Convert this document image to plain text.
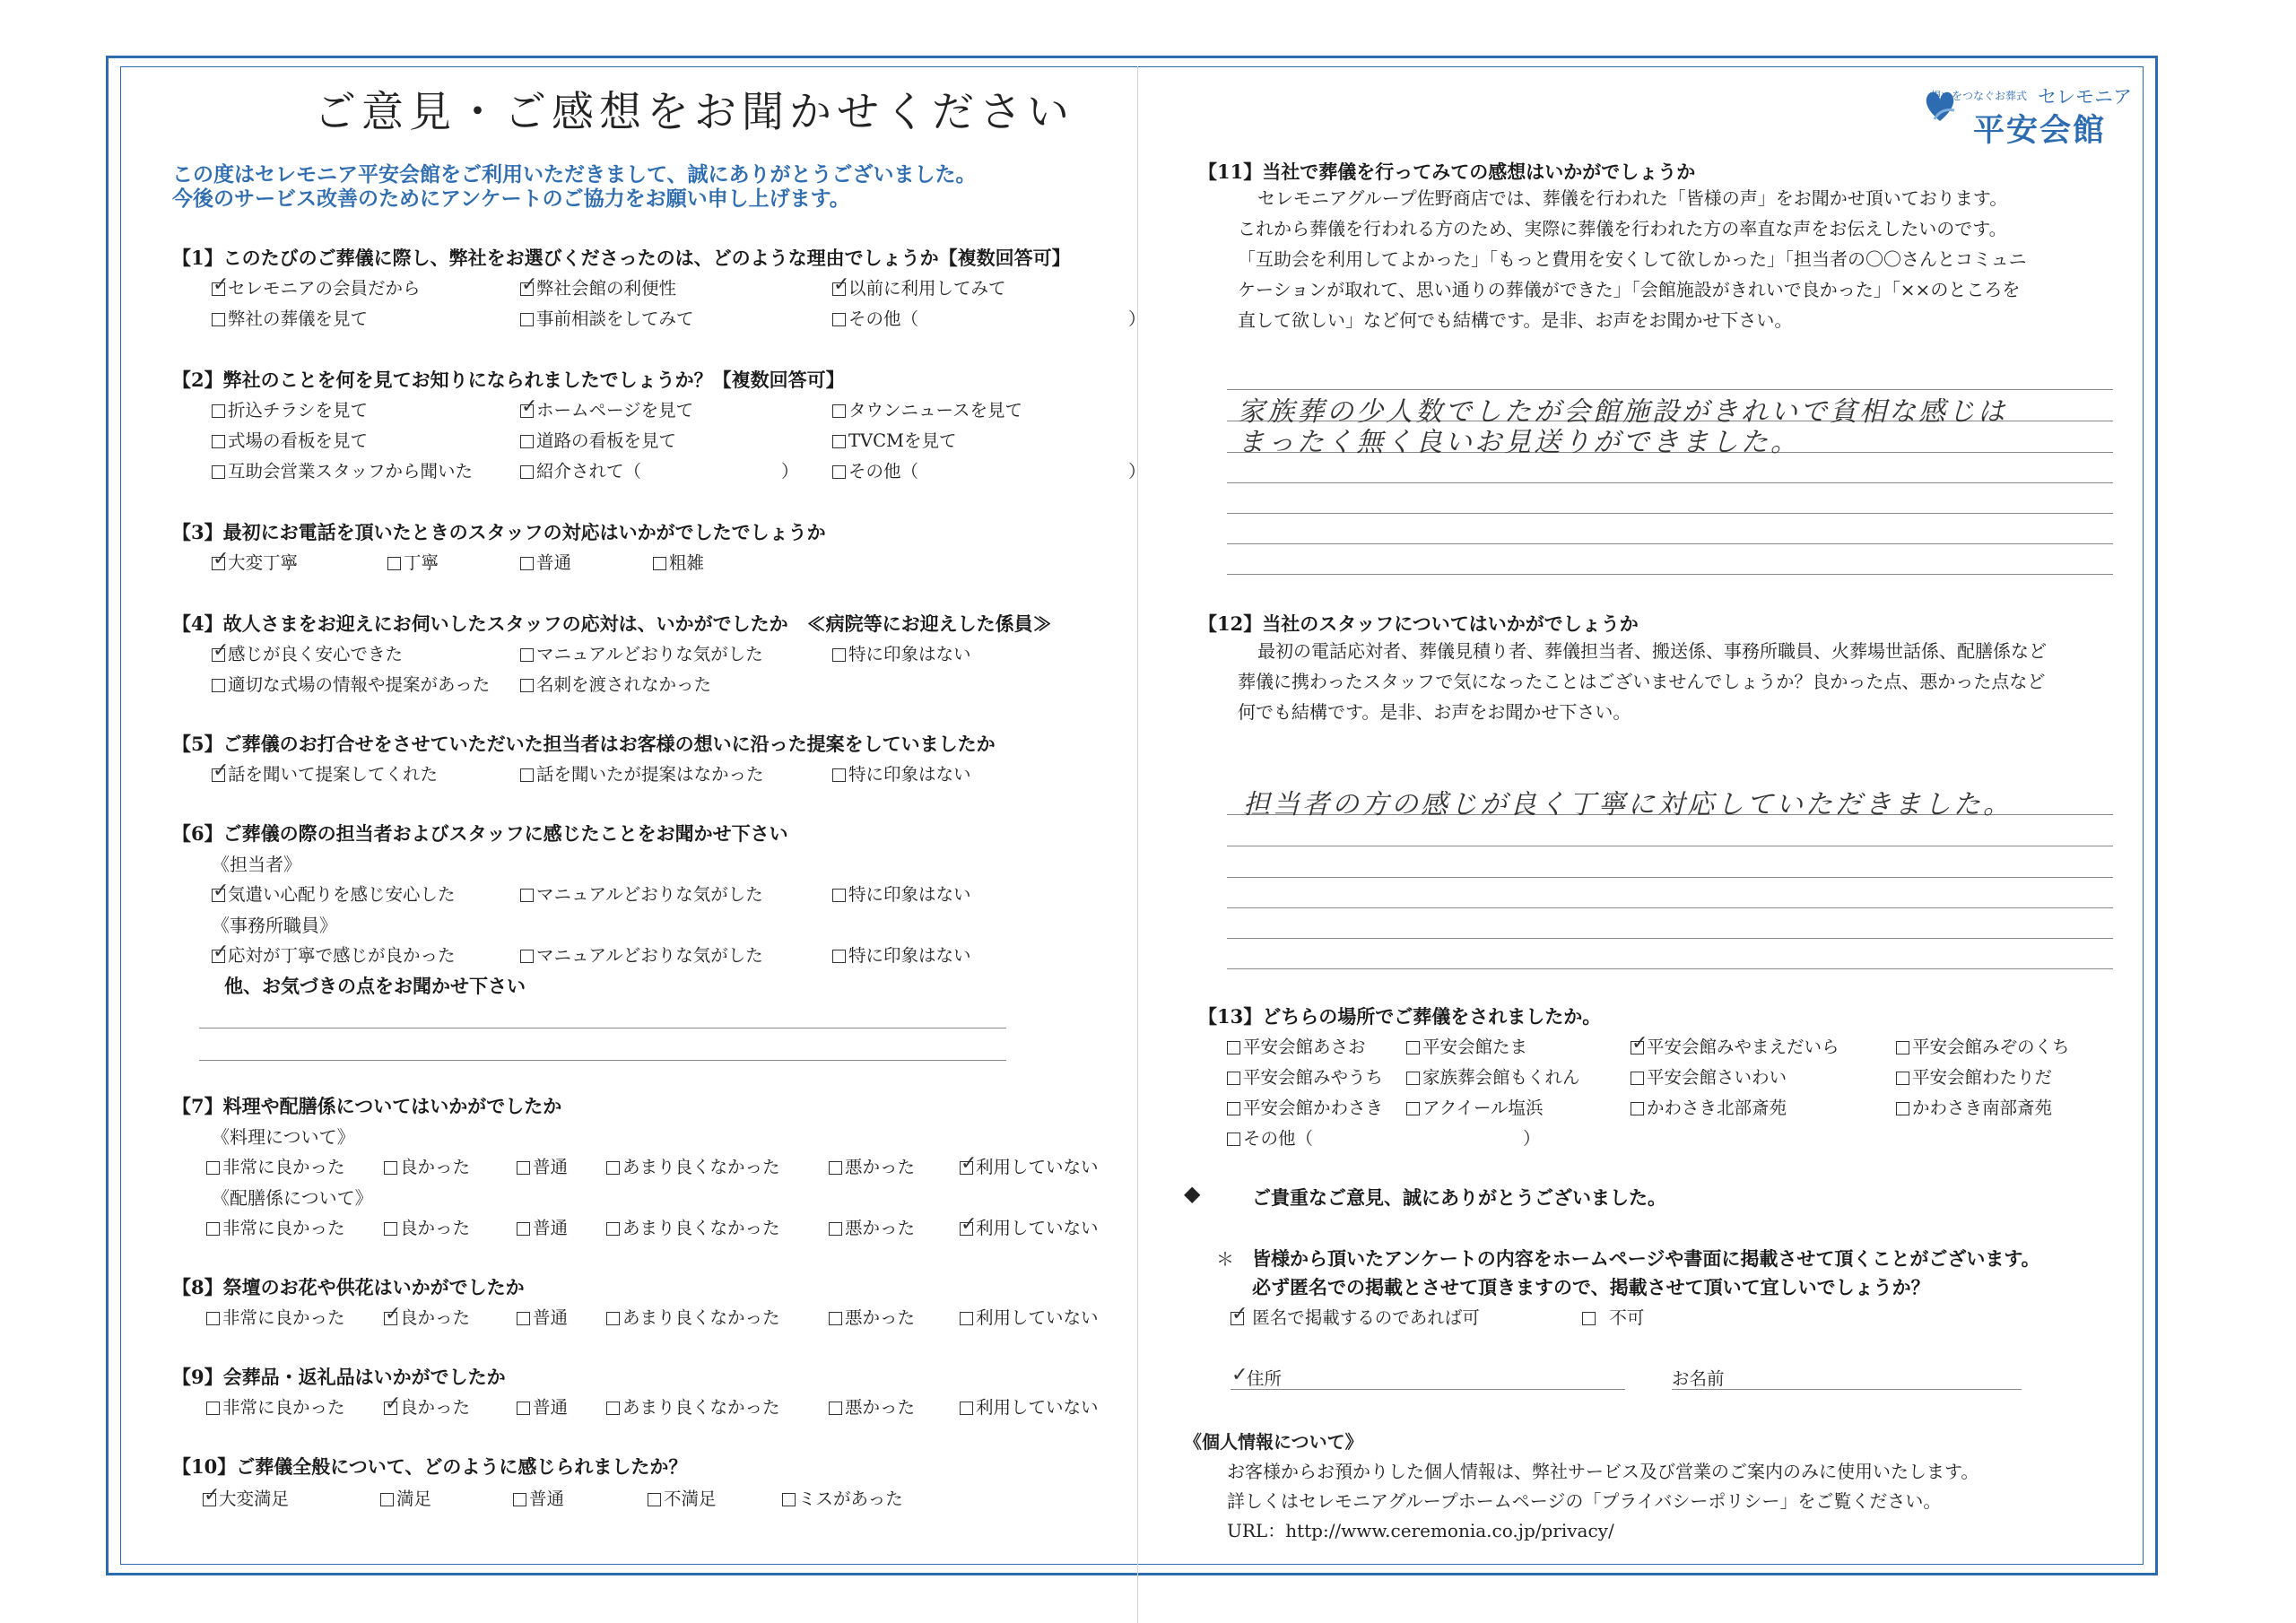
ご意見・ご感想をお聞かせください
この度はセレモニア平安会館をご利用いただきまして、誠にありがとうございました。
今後のサービス改善のためにアンケートのご協力をお願い申し上げます。
【1】このたびのご葬儀に際し、弊社をお選びくださったのは、どのような理由でしょうか【複数回答可】
✓セレモニアの会員だから ✓	弊社会館の利便性 ✓	以前に利用してみて
弊社の葬儀を見て	事前相談をしてみて	その他（　　　　　　　　　　　　）
【2】弊社のことを何を見てお知りになられましたでしょうか？【複数回答可】
折込チラシを見て ✓	ホームページを見て	タウンニュースを見て
式場の看板を見て	道路の看板を見て	TVCMを見て
互助会営業スタッフから聞いた	紹介されて（　　　　　　　　）	その他（　　　　　　　　　　　　）
【3】最初にお電話を頂いたときのスタッフの対応はいかがでしたでしょうか
✓大変丁寧	丁寧	普通	粗雑
【4】故人さまをお迎えにお伺いしたスタッフの応対は、いかがでしたか　≪病院等にお迎えした係員≫
✓感じが良く安心できた	マニュアルどおりな気がした	特に印象はない
適切な式場の情報や提案があった	名刺を渡されなかった
【5】ご葬儀のお打合せをさせていただいた担当者はお客様の想いに沿った提案をしていましたか
✓話を聞いて提案してくれた	話を聞いたが提案はなかった	特に印象はない
【6】ご葬儀の際の担当者およびスタッフに感じたことをお聞かせ下さい
《担当者》
✓気遣い心配りを感じ安心した	マニュアルどおりな気がした	特に印象はない
《事務所職員》
✓応対が丁寧で感じが良かった	マニュアルどおりな気がした	特に印象はない
他、お気づきの点をお聞かせ下さい
【7】料理や配膳係についてはいかがでしたか
《料理について》
非常に良かった	良かった	普通	あまり良くなかった	悪かった ✓	利用していない
《配膳係について》
非常に良かった	良かった	普通	あまり良くなかった	悪かった ✓	利用していない
【8】祭壇のお花や供花はいかがでしたか
非常に良かった ✓	良かった	普通	あまり良くなかった	悪かった	利用していない
【9】会葬品・返礼品はいかがでしたか
非常に良かった ✓	良かった	普通	あまり良くなかった	悪かった	利用していない
【10】ご葬儀全般について、どのように感じられましたか？
✓大変満足	満足	普通	不満足	ミスがあった
想いをつなぐお葬式 セレモニア
平安会館
【11】当社で葬儀を行ってみての感想はいかがでしょうか
セレモニアグループ佐野商店では、葬儀を行われた「皆様の声」をお聞かせ頂いております。
これから葬儀を行われる方のため、実際に葬儀を行われた方の率直な声をお伝えしたいのです。
「互助会を利用してよかった」「もっと費用を安くして欲しかった」「担当者の〇〇さんとコミュニ
ケーションが取れて、思い通りの葬儀ができた」「会館施設がきれいで良かった」「××のところを
直して欲しい」など何でも結構です。是非、お声をお聞かせ下さい。
家族葬の少人数でしたが会館施設がきれいで貧相な感じは
まったく無く良いお見送りができました。
【12】当社のスタッフについてはいかがでしょうか
最初の電話応対者、葬儀見積り者、葬儀担当者、搬送係、事務所職員、火葬場世話係、配膳係など
葬儀に携わったスタッフで気になったことはございませんでしょうか？良かった点、悪かった点など
何でも結構です。是非、お声をお聞かせ下さい。
担当者の方の感じが良く丁寧に対応していただきました。
【13】どちらの場所でご葬儀をされましたか。
平安会館あさお	平安会館たま ✓	平安会館みやまえだいら	平安会館みぞのくち
平安会館みやうち	家族葬会館もくれん	平安会館さいわい	平安会館わたりだ
平安会館かわさき	アクイール塩浜	かわさき北部斎苑	かわさき南部斎苑
その他（　　　　　　　　　　　　）
◆	ご貴重なご意見、誠にありがとうございました。
＊ 皆様から頂いたアンケートの内容をホームページや書面に掲載させて頂くことがございます。
必ず匿名での掲載とさせて頂きますので、掲載させて頂いて宜しいでしょうか？
✓ 匿名で掲載するのであれば可	不可
✓住所	お名前
《個人情報について》
お客様からお預かりした個人情報は、弊社サービス及び営業のご案内のみに使用いたします。
詳しくはセレモニアグループホームページの「プライバシーポリシー」をご覧ください。
URL：http://www.ceremonia.co.jp/privacy/
